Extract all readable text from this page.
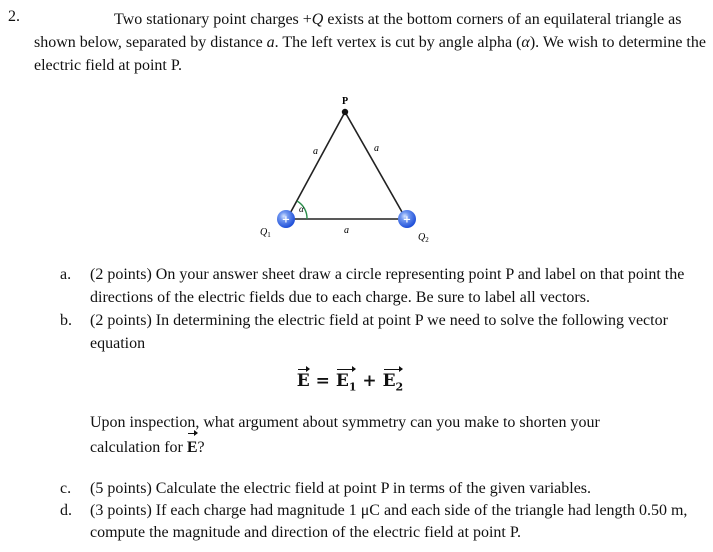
2.	Two stationary point charges +Q exists at the bottom corners of an equilateral triangle as shown below, separated by distance a. The left vertex is cut by angle alpha (α). We wish to determine the electric field at point P.
P
a	a
a
α
+	+
$Q_1$	$Q_2$
a. (2 points) On your answer sheet draw a circle representing point P and label on that point the directions of the electric fields due to each charge. Be sure to label all vectors.
b. (2 points) In determining the electric field at point P we need to solve the following vector equation
$E = E_1 + E_2$
Upon inspection, what argument about symmetry can you make to shorten your calculation for E?
c. (5 points) Calculate the electric field at point P in terms of the given variables.
d. (3 points) If each charge had magnitude 1 μC and each side of the triangle had length 0.50 m, compute the magnitude and direction of the electric field at point P.
